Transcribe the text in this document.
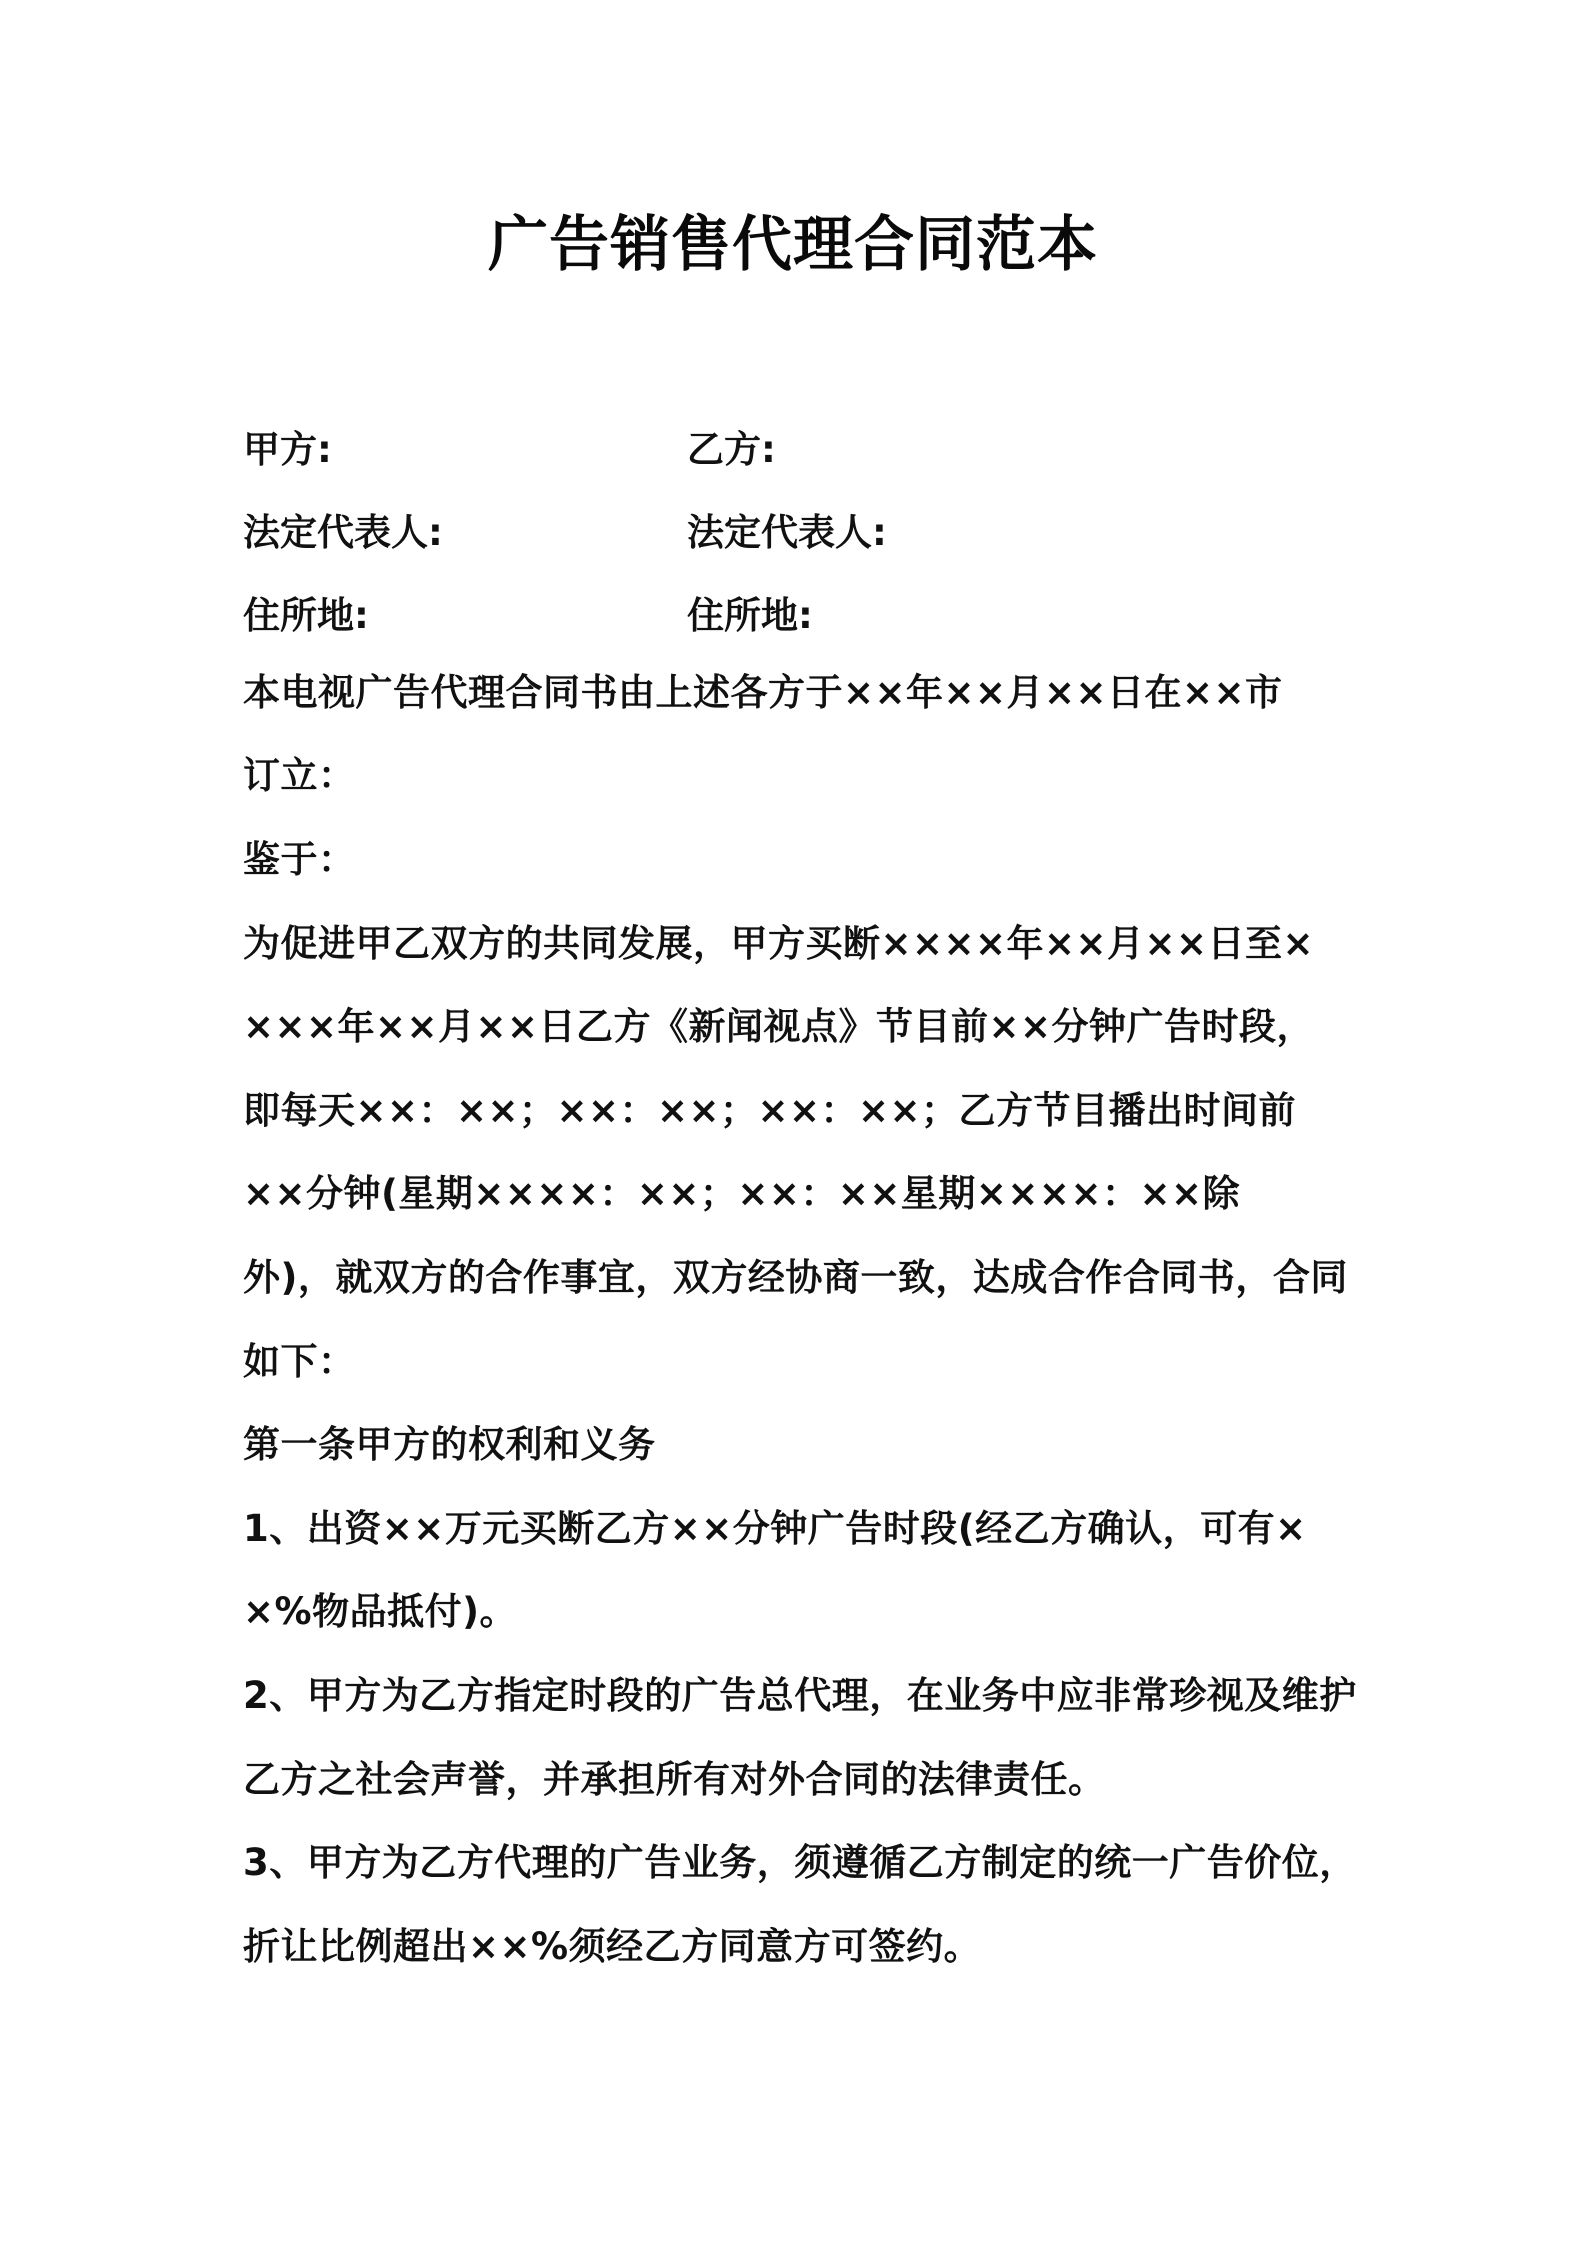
广告销售代理合同范本
甲方:	乙方:
法定代表人:	法定代表人:
住所地:	住所地:
本电视广告代理合同书由上述各方于××年××月××日在××市
订立：
鉴于：
为促进甲乙双方的共同发展，甲方买断××××年××月××日至×
×××年××月××日乙方《新闻视点》节目前××分钟广告时段，
即每天××：××；××：××；××：××；乙方节目播出时间前
××分钟(星期××××：××；××：××星期××××：××除
外)，就双方的合作事宜，双方经协商一致，达成合作合同书，合同
如下：
第一条甲方的权利和义务
1、出资××万元买断乙方××分钟广告时段(经乙方确认，可有×
×%物品抵付)。
2、甲方为乙方指定时段的广告总代理，在业务中应非常珍视及维护
乙方之社会声誉，并承担所有对外合同的法律责任。
3、甲方为乙方代理的广告业务，须遵循乙方制定的统一广告价位，
折让比例超出××%须经乙方同意方可签约。
